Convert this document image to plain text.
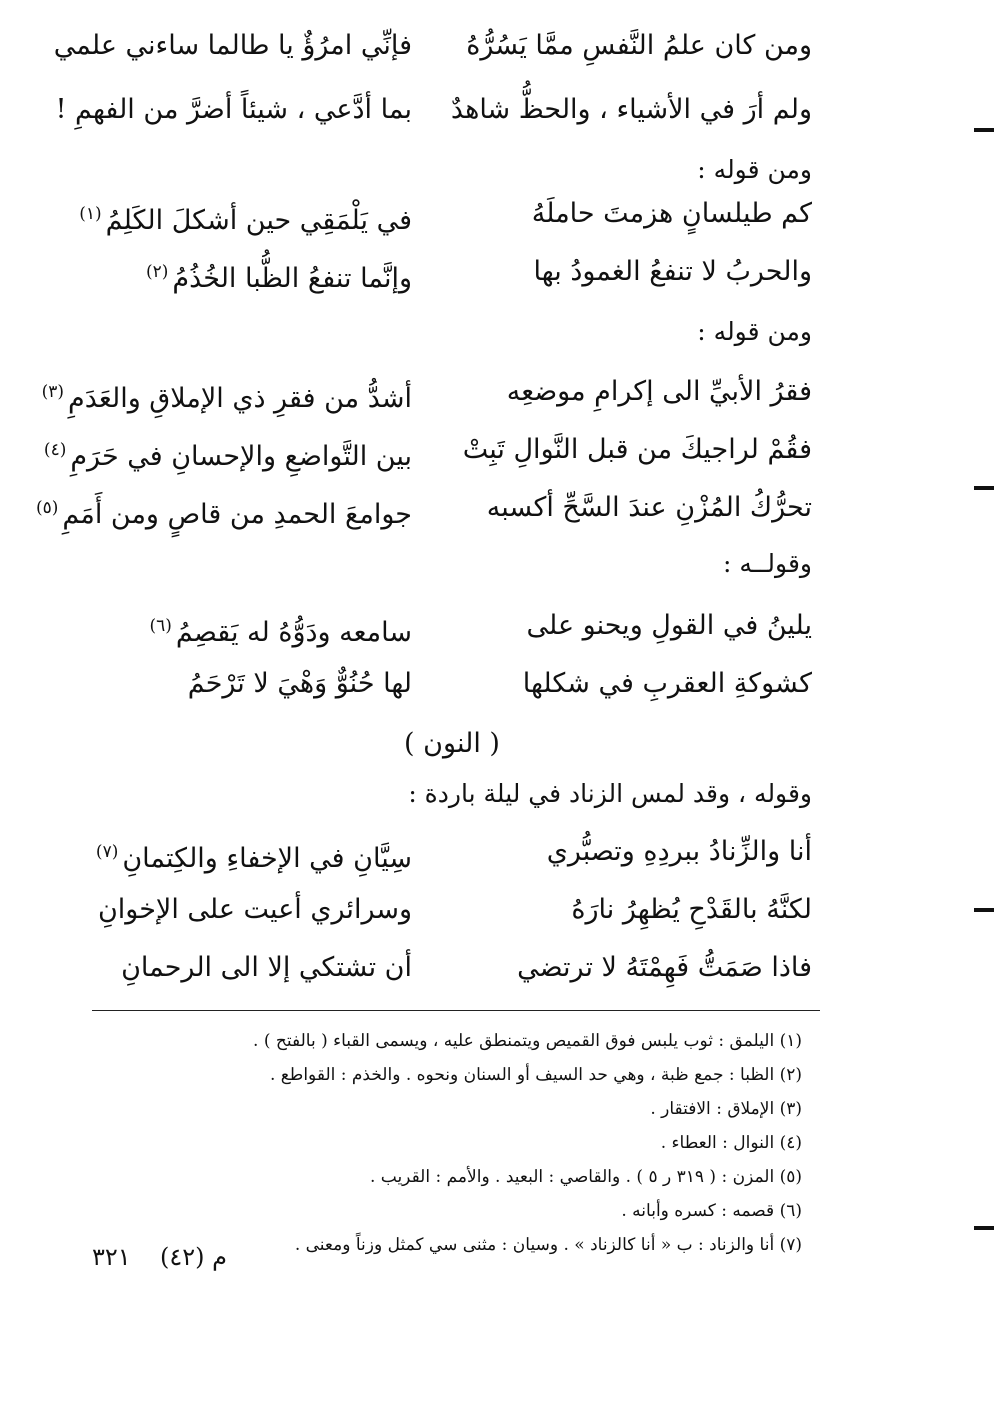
ومن كان علمُ النَّفسِ ممَّا يَسُرُّهُ
فإنِّي امرُؤٌ يا طالما ساءني علمي
ولم أرَ في الأشياء ، والحظُّ شاهدٌ
بما أدَّعي ، شيئاً أضرَّ من الفهمِ !
ومن قوله :
كم طيلسانٍ هزمتَ حاملَهُ
في يَلْمَقِي حين أشكلَ الكَلِمُ$^{(١)}$
والحربُ لا تنفعُ الغمودُ بها
وإنَّما تنفعُ الظُّبا الخُذُمُ$^{(٢)}$
ومن قوله :
فقرُ الأبيِّ الى إكرامِ موضعِه
أشدُّ من فقرِ ذي الإملاقِ والعَدَمِ$^{(٣)}$
فقُمْ لراجيكَ من قبل النَّوالِ تَبِتْ
بين التَّواضعِ والإحسانِ في حَرَمِ$^{(٤)}$
تحرُّكُ المُزْنِ عندَ السَّحِّ أكسبه
جوامعَ الحمدِ من قاصٍ ومن أَمَمِ$^{(٥)}$
وقولــه :
يلينُ في القولِ ويحنو على
سامعه ودَوُّهُ له يَقصِمُ$^{(٦)}$
كشوكةِ العقربِ في شكلها
لها حُنُوٌّ وَهْيَ لا تَرْحَمُ
( النون )
وقوله ، وقد لمس الزناد في ليلة باردة :
أنا والزِّنادُ ببردِهِ وتصبُّري
سِيَّانِ في الإخفاءِ والكِتمانِ$^{(٧)}$
لكنَّهُ بالقَدْحِ يُظهِرُ نارَهُ
وسرائري أعيت على الإخوانِ
فاذا صَمَتُّ فَهِمْتَهُ لا ترتضي
أن تشتكي إلا الى الرحمانِ
(١) اليلمق : ثوب يلبس فوق القميص ويتمنطق عليه ، ويسمى القباء ( بالفتح ) .
(٢) الظبا : جمع ظبة ، وهي حد السيف أو السنان ونحوه . والخذم : القواطع .
(٣) الإملاق : الافتقار .
(٤) النوال : العطاء .
(٥) المزن : ( ٣١٩ ر ٥ ) . والقاصي : البعيد . والأمم : القريب .
(٦) قصمه : كسره وأبانه .
(٧) أنا والزناد : ب « أنا كالزناد » . وسيان : مثنى سي كمثل وزناً ومعنى .
م (٤٢)
٣٢١
